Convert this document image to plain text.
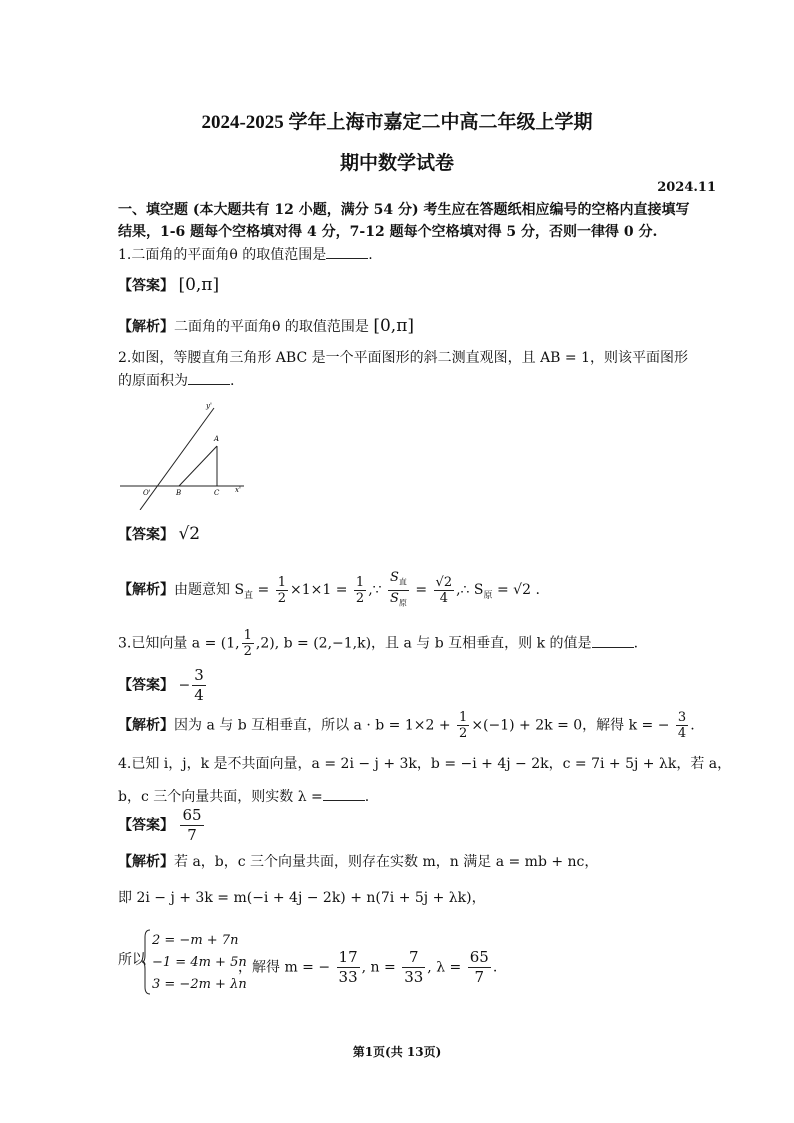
2024-2025 学年上海市嘉定二中高二年级上学期
期中数学试卷
2024.11
一、填空题 (本大题共有 12 小题，满分 54 分) 考生应在答题纸相应编号的空格内直接填写
结果，1-6 题每个空格填对得 4 分，7-12 题每个空格填对得 5 分，否则一律得 0 分.
1.二面角的平面角θ 的取值范围是	.
【答案】 [0,π]
【解析】二面角的平面角θ 的取值范围是 [0,π]
2.如图，等腰直角三角形 ABC 是一个平面图形的斜二测直观图，且 AB = 1，则该平面图形
的原面积为	.
y'
x'
O'	B	C
A
【答案】 √2
【解析】由题意知 $S_直 = \frac{1}{2} \times 1\times 1 = \frac{1}{2}$ ,∵ $\frac{S_直}{S_原} = \frac{√2}{4}$ ,∴ $S_原 = √2$ .
3.已知向量 a = (1, $\frac{1}{2} ,2$), b = (2,−1,k)，且 a 与 b 互相垂直，则 k 的值是	.
【答案】 − $\frac{3}{4}$
【解析】因为 a 与 b 互相垂直，所以 $a \cdot b = 1\times 2 + \frac{1}{2} \times(-1) + 2k = 0$，解得 k = − $\frac{3}{4}$ .
4.已知 i，j，k 是不共面向量，a = 2i − j + 3k，b = −i + 4j − 2k，c = 7i + 5j + λk，若 a，
b，c 三个向量共面，则实数 λ =	.
【答案】 $\frac{65}{7}$
【解析】若 a，b，c 三个向量共面，则存在实数 m，n 满足 a = mb + nc，
即 2i − j + 3k = m(−i + 4j − 2k) + n(7i + 5j + λk)，
所以
2 = −m + 7n
−1 = 4m + 5n
3 = −2m + λn
，解得 m = − $\frac{17}{33}$ , $n = \frac{7}{33}$ , $\lambda = \frac{65}{7}$ .
第1页(共 13页)
